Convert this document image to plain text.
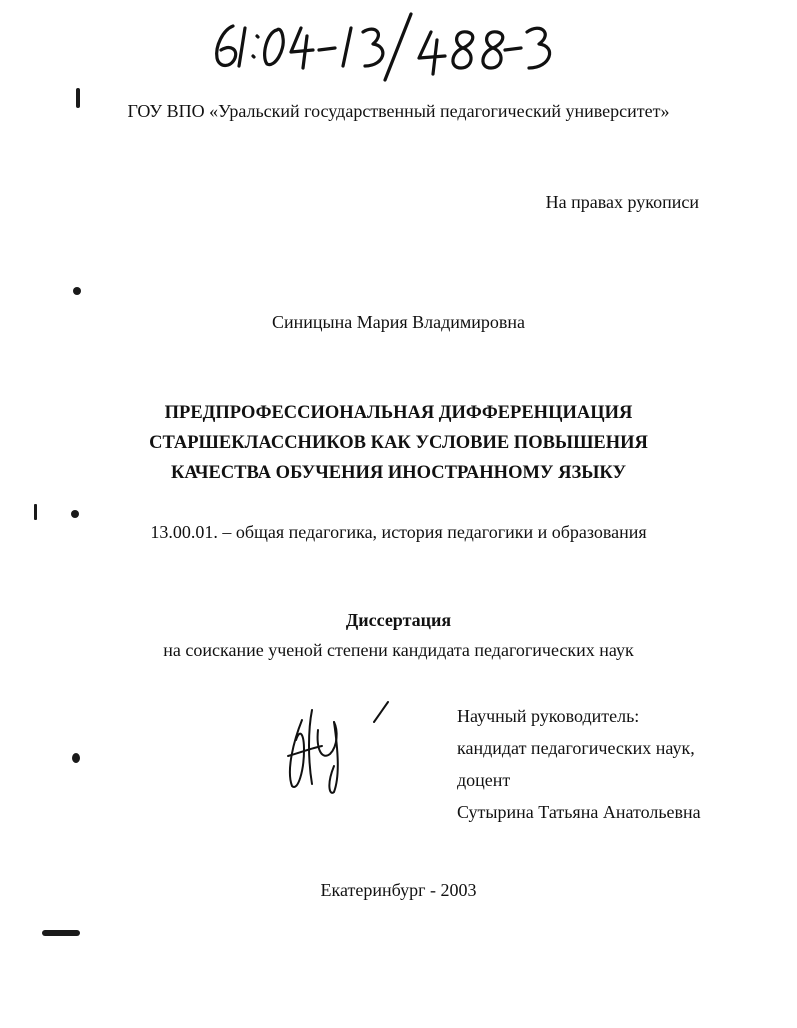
ГОУ ВПО «Уральский государственный педагогический университет»
На правах рукописи
Синицына Мария Владимировна
ПРЕДПРОФЕССИОНАЛЬНАЯ ДИФФЕРЕНЦИАЦИЯ
СТАРШЕКЛАССНИКОВ КАК УСЛОВИЕ ПОВЫШЕНИЯ
КАЧЕСТВА ОБУЧЕНИЯ ИНОСТРАННОМУ ЯЗЫКУ
13.00.01. – общая педагогика, история педагогики и образования
Диссертация
на соискание ученой степени кандидата педагогических наук
Научный руководитель:
кандидат педагогических наук,
доцент
Сутырина Татьяна Анатольевна
Екатеринбург - 2003
